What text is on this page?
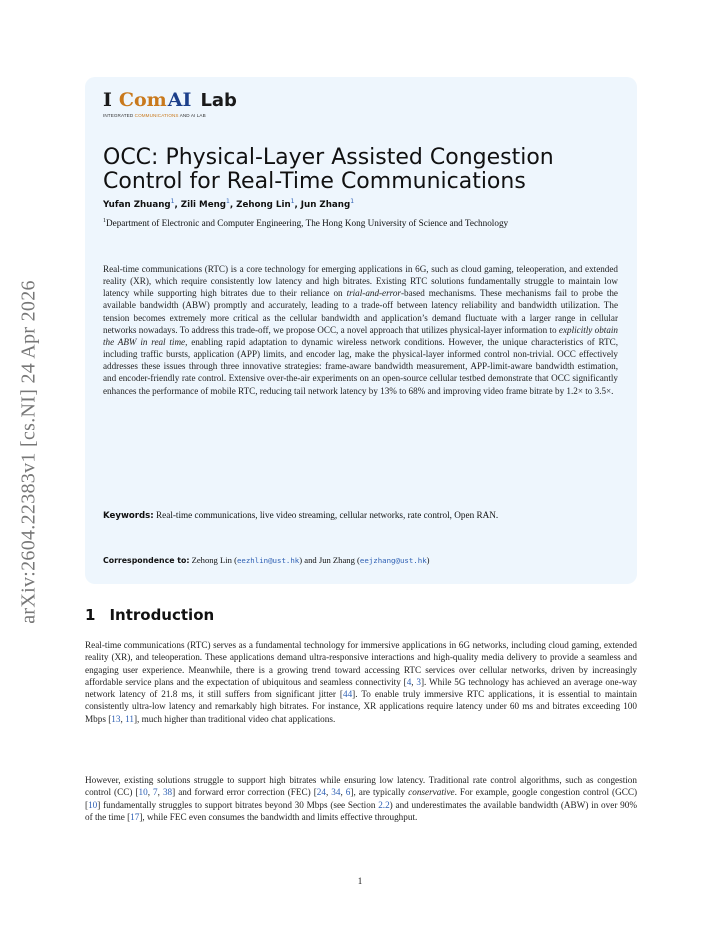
arXiv:2604.22383v1 [cs.NI] 24 Apr 2026
I Com AI Lab
INTEGRATED COMMUNICATIONS AND AI LAB
OCC: Physical-Layer Assisted Congestion Control for Real-Time Communications
Yufan Zhuang$^1$, Zili Meng$^1$, Zehong Lin$^1$, Jun Zhang$^1$
$^1$Department of Electronic and Computer Engineering, The Hong Kong University of Science and Technology

Real-time communications (RTC) is a core technology for emerging applications in 6G, such as cloud gaming, teleoperation, and extended reality (XR), which require consistently low latency and high bitrates. Existing RTC solutions fundamentally struggle to maintain low latency while supporting high bitrates due to their reliance on trial-and-error-based mechanisms. These mechanisms fail to probe the available bandwidth (ABW) promptly and accurately, leading to a trade-off between latency reliability and bandwidth utilization. The tension becomes extremely more critical as the cellular bandwidth and application’s demand fluctuate with a larger range in cellular networks nowadays. To address this trade-off, we propose OCC, a novel approach that utilizes physical-layer information to explicitly obtain the ABW in real time, enabling rapid adaptation to dynamic wireless network conditions. However, the unique characteristics of RTC, including traffic bursts, application (APP) limits, and encoder lag, make the physical-layer informed control non-trivial. OCC effectively addresses these issues through three innovative strategies: frame-aware bandwidth measurement, APP-limit-aware bandwidth estimation, and encoder-friendly rate control. Extensive over-the-air experiments on an open-source cellular testbed demonstrate that OCC significantly enhances the performance of mobile RTC, reducing tail network latency by 13% to 68% and improving video frame bitrate by 1.2× to 3.5×.

Keywords: Real-time communications, live video streaming, cellular networks, rate control, Open RAN.

Correspondence to: Zehong Lin (eezhlin@ust.hk) and Jun Zhang (eejzhang@ust.hk)

1 Introduction

Real-time communications (RTC) serves as a fundamental technology for immersive applications in 6G networks, including cloud gaming, extended reality (XR), and teleoperation. These applications demand ultra-responsive interactions and high-quality media delivery to provide a seamless and engaging user experience. Meanwhile, there is a growing trend toward accessing RTC services over cellular networks, driven by increasingly affordable service plans and the expectation of ubiquitous and seamless connectivity [4, 3]. While 5G technology has achieved an average one-way network latency of 21.8 ms, it still suffers from significant jitter [44]. To enable truly immersive RTC applications, it is essential to maintain consistently ultra-low latency and remarkably high bitrates. For instance, XR applications require latency under 60 ms and bitrates exceeding 100 Mbps [13, 11], much higher than traditional video chat applications.

However, existing solutions struggle to support high bitrates while ensuring low latency. Traditional rate control algorithms, such as congestion control (CC) [10, 7, 38] and forward error correction (FEC) [24, 34, 6], are typically conservative. For example, google congestion control (GCC) [10] fundamentally struggles to support bitrates beyond 30 Mbps (see Section 2.2) and underestimates the available bandwidth (ABW) in over 90% of the time [17], while FEC even consumes the bandwidth and limits effective throughput.

1
